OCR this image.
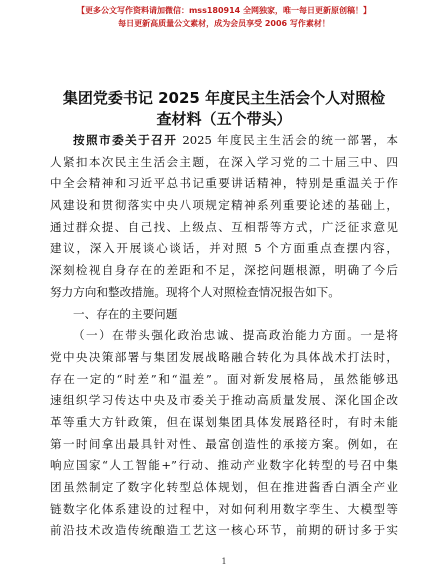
【更多公文写作资料请加微信：mss180914 全网独家，唯一每日更新原创稿！】
每日更新高质量公文素材，成为会员享受 2006 写作素材！
集团党委书记 2025 年度民主生活会个人对照检
查材料（五个带头）
按照市委关于召开 2025 年度民主生活会的统一部署，本
人紧扣本次民主生活会主题，在深入学习党的二十届三中、四
中全会精神和习近平总书记重要讲话精神，特别是重温关于作
风建设和贯彻落实中央八项规定精神系列重要论述的基础上，
通过群众提、自己找、上级点、互相帮等方式，广泛征求意见
建议，深入开展谈心谈话，并对照 5 个方面重点查摆内容，
深刻检视自身存在的差距和不足，深挖问题根源，明确了今后
努力方向和整改措施。现将个人对照检查情况报告如下。
一、存在的主要问题
（一）在带头强化政治忠诚、提高政治能力方面。一是将
党中央决策部署与集团发展战略融合转化为具体战术打法时，
存在一定的“时差”和“温差”。面对新发展格局，虽然能够迅
速组织学习传达中央及市委关于推动高质量发展、深化国企改
革等重大方针政策，但在谋划集团具体发展路径时，有时未能
第一时间拿出最具针对性、最富创造性的承接方案。例如，在
响应国家“人工智能+”行动、推动产业数字化转型的号召中集
团虽然制定了数字化转型总体规划，但在推进酱香白酒全产业
链数字化体系建设的过程中，对如何利用数字孪生、大模型等
前沿技术改造传统酿造工艺这一核心环节，前期的研讨多于实
1
